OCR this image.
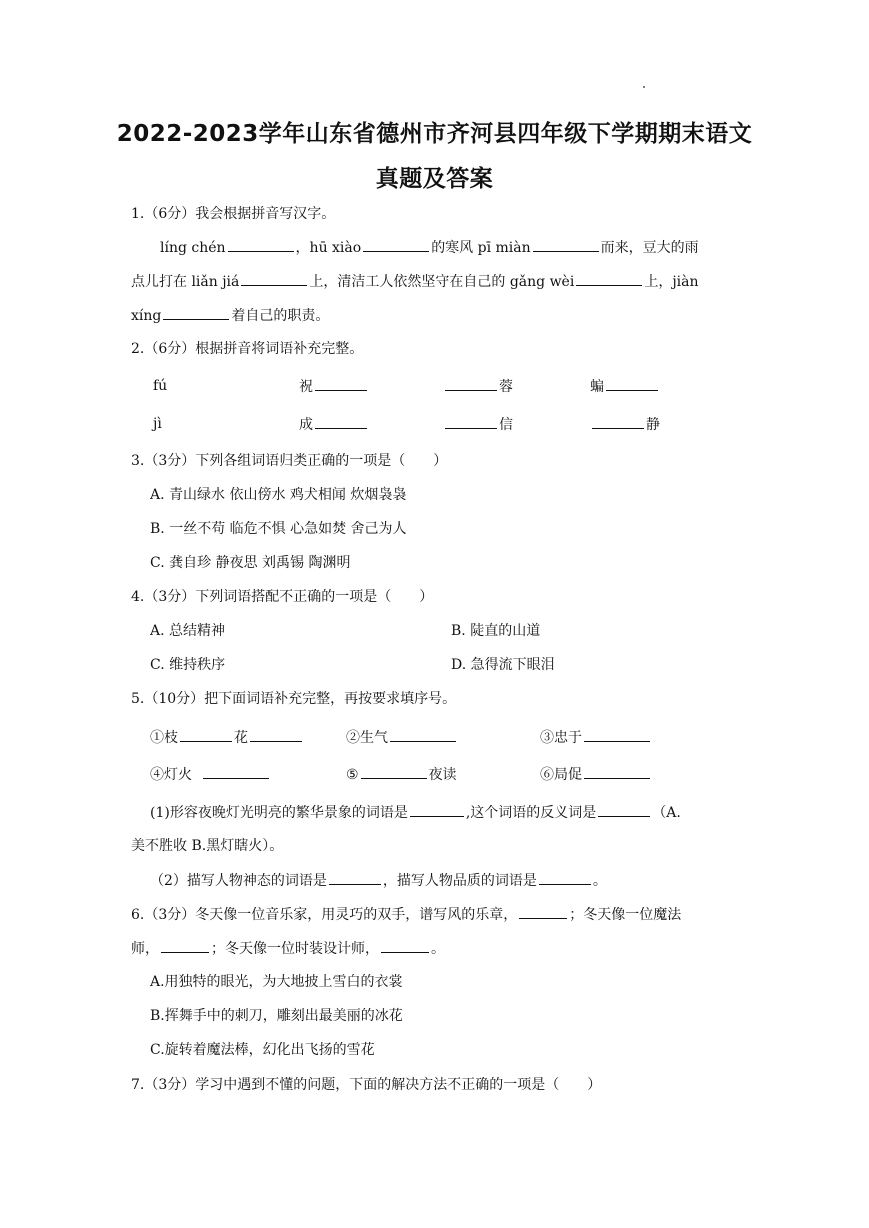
2022-2023学年山东省德州市齐河县四年级下学期期末语文
真题及答案
1.（6分）我会根据拼音写汉字。
líng chén	，hū xiào	的寒风 pī miàn	而来，豆大的雨
点儿打在 liǎn jiá	上，清洁工人依然坚守在自己的 gǎng wèi	上，jiàn
xíng	着自己的职责。
2.（6分）根据拼音将词语补充完整。
fú	祝	蓉	蝙
jì	成	信	静
3.（3分）下列各组词语归类正确的一项是（　　）
A. 青山绿水 依山傍水 鸡犬相闻 炊烟袅袅
B. 一丝不苟 临危不惧 心急如焚 舍己为人
C. 龚自珍 静夜思 刘禹锡 陶渊明
4.（3分）下列词语搭配不正确的一项是（　　）
A. 总结精神	B. 陡直的山道
C. 维持秩序	D. 急得流下眼泪
5.（10分）把下面词语补充完整，再按要求填序号。
①枝	花	②生气	③忠于
④灯火	⑤	夜读	⑥局促
(1)形容夜晚灯光明亮的繁华景象的词语是	,这个词语的反义词是	（A.
美不胜收 B.黑灯瞎火）。
（2）描写人物神态的词语是	，描写人物品质的词语是	。
6.（3分）冬天像一位音乐家，用灵巧的双手，谱写风的乐章，	；冬天像一位魔法
师，	；冬天像一位时装设计师，	。
A.用独特的眼光，为大地披上雪白的衣裳
B.挥舞手中的刺刀，雕刻出最美丽的冰花
C.旋转着魔法棒，幻化出飞扬的雪花
7.（3分）学习中遇到不懂的问题，下面的解决方法不正确的一项是（　　）
